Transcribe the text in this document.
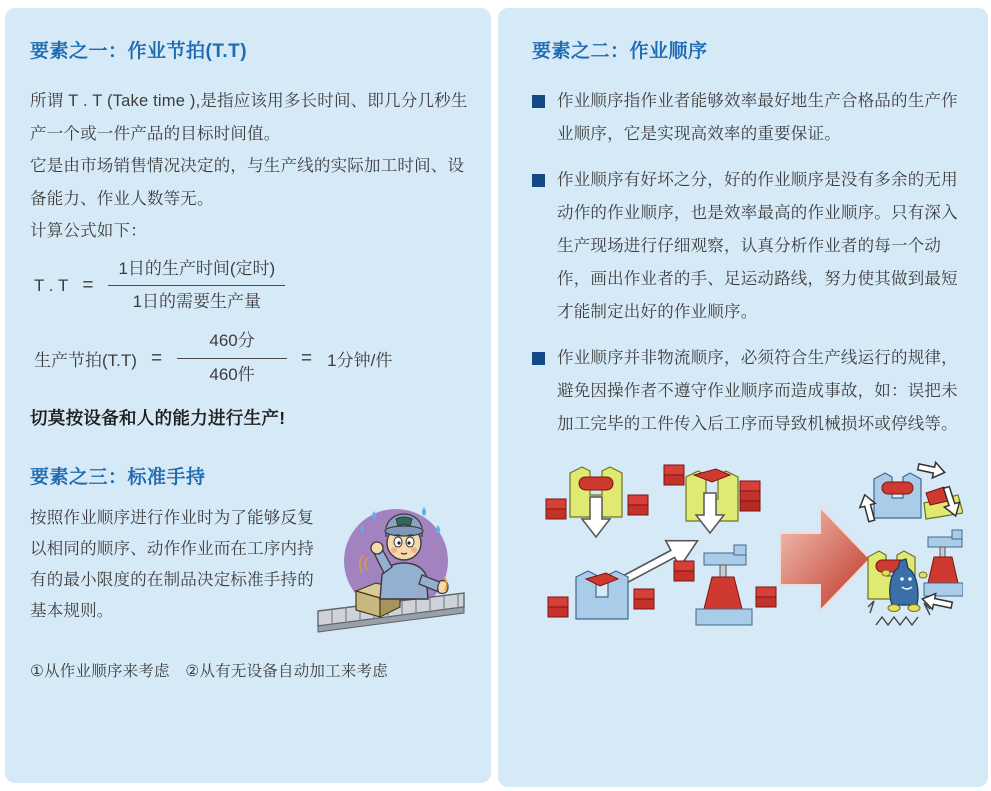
要素之一：作业节拍(T.T)

所谓 T . T (Take time ),是指应该用多长时间、即几分几秒生产一个或一件产品的目标时间值。

它是由市场销售情况决定的，与生产线的实际加工时间、设备能力、作业人数等无。

计算公式如下：

T . $T = \frac{\text{1日的生产时间(定时)}}{\text{1日的需要生产量}}$
生产节拍$(T.T) = \frac{\text{460分}}{\text{460件}} = 1$分钟/件

切莫按设备和人的能力进行生产!

要素之三：标准手持

按照作业顺序进行作业时为了能够反复以相同的顺序、动作作业而在工序内持有的最小限度的在制品决定标准手持的基本规则。

①从作业顺序来考虑　②从有无设备自动加工来考虑

要素之二：作业顺序
作业顺序指作业者能够效率最好地生产合格品的生产作业顺序，它是实现高效率的重要保证。
作业顺序有好坏之分，好的作业顺序是没有多余的无用动作的作业顺序，也是效率最高的作业顺序。只有深入生产现场进行仔细观察，认真分析作业者的每一个动作，画出作业者的手、足运动路线，努力使其做到最短才能制定出好的作业顺序。
作业顺序并非物流顺序，必须符合生产线运行的规律，避免因操作者不遵守作业顺序而造成事故，如：误把未加工完毕的工件传入后工序而导致机械损坏或停线等。
